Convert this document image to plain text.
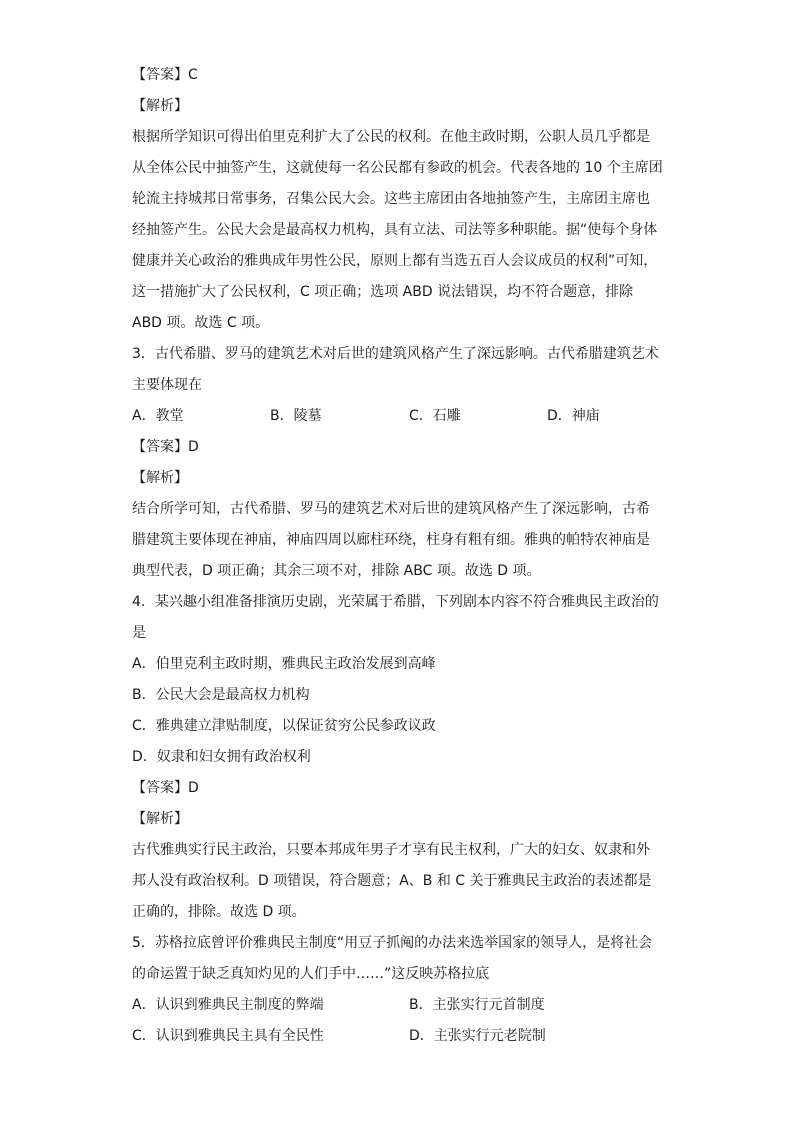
【答案】C
【解析】
根据所学知识可得出伯里克利扩大了公民的权利。在他主政时期，公职人员几乎都是
从全体公民中抽签产生，这就使每一名公民都有参政的机会。代表各地的 10 个主席团
轮流主持城邦日常事务，召集公民大会。这些主席团由各地抽签产生，主席团主席也
经抽签产生。公民大会是最高权力机构，具有立法、司法等多种职能。据“使每个身体
健康并关心政治的雅典成年男性公民，原则上都有当选五百人会议成员的权利”可知，
这一措施扩大了公民权利，C 项正确；选项 ABD 说法错误，均不符合题意，排除
ABD 项。故选 C 项。
3．古代希腊、罗马的建筑艺术对后世的建筑风格产生了深远影响。古代希腊建筑艺术
主要体现在
A．教堂	B．陵墓	C．石雕	D．神庙
【答案】D
【解析】
结合所学可知，古代希腊、罗马的建筑艺术对后世的建筑风格产生了深远影响，古希
腊建筑主要体现在神庙，神庙四周以廊柱环绕，柱身有粗有细。雅典的帕特农神庙是
典型代表，D 项正确；其余三项不对，排除 ABC 项。故选 D 项。
4．某兴趣小组准备排演历史剧，光荣属于希腊，下列剧本内容不符合雅典民主政治的
是
A．伯里克利主政时期，雅典民主政治发展到高峰
B．公民大会是最高权力机构
C．雅典建立津贴制度，以保证贫穷公民参政议政
D．奴隶和妇女拥有政治权利
【答案】D
【解析】
古代雅典实行民主政治，只要本邦成年男子才享有民主权利，广大的妇女、奴隶和外
邦人没有政治权利。D 项错误，符合题意；A、B 和 C 关于雅典民主政治的表述都是
正确的，排除。故选 D 项。
5．苏格拉底曾评价雅典民主制度“用豆子抓阄的办法来选举国家的领导人，是将社会
的命运置于缺乏真知灼见的人们手中……”这反映苏格拉底
A．认识到雅典民主制度的弊端	B．主张实行元首制度
C．认识到雅典民主具有全民性	D．主张实行元老院制
